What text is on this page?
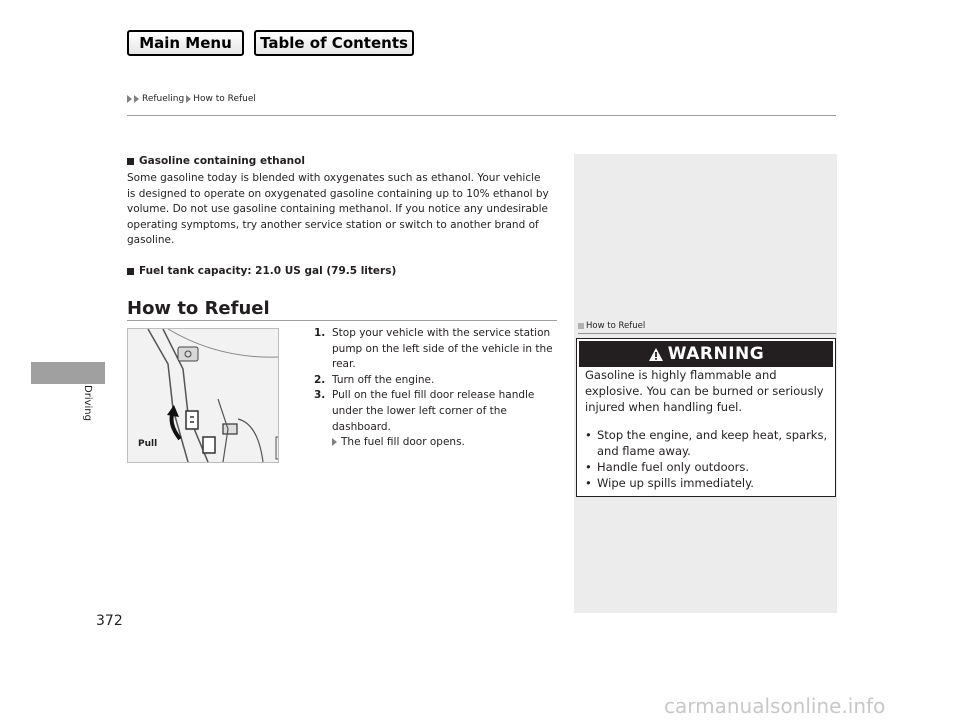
Main Menu	Table of Contents
Refueling How to Refuel
Driving
Gasoline containing ethanol
Some gasoline today is blended with oxygenates such as ethanol. Your vehicle is designed to operate on oxygenated gasoline containing up to 10% ethanol by volume. Do not use gasoline containing methanol. If you notice any undesirable operating symptoms, try another service station or switch to another brand of gasoline.
Fuel tank capacity: 21.0 US gal (79.5 liters)
How to Refuel
Pull
1. Stop your vehicle with the service station pump on the left side of the vehicle in the rear.
2. Turn off the engine.
3. Pull on the fuel fill door release handle under the lower left corner of the dashboard.
The fuel fill door opens.
How to Refuel
WARNING
Gasoline is highly flammable and explosive. You can be burned or seriously injured when handling fuel.
• Stop the engine, and keep heat, sparks, and flame away.
• Handle fuel only outdoors.
• Wipe up spills immediately.
372
carmanualsonline.info
